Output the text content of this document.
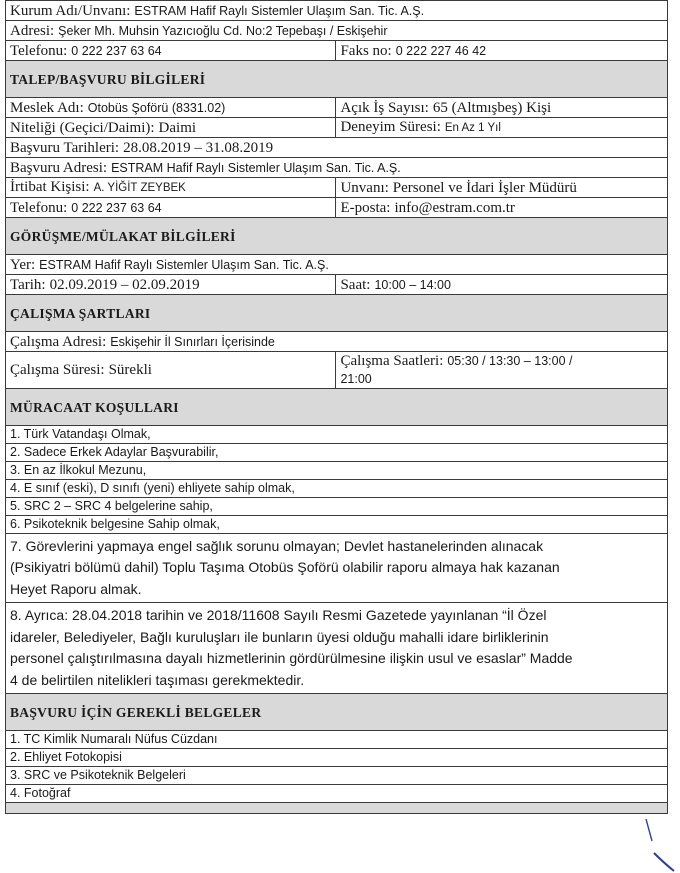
Kurum Adı/Unvanı: ESTRAM Hafif Raylı Sistemler Ulaşım San. Tic. A.Ş.	
Adresi: Şeker Mh. Muhsin Yazıcıoğlu Cd. No:2 Tepebaşı / Eskişehir	
Telefonu: 0 222 237 63 64	Faks no: 0 222 227 46 42
TALEP/BAŞVURU BİLGİLERİ	
Meslek Adı: Otobüs Şoförü (8331.02)	Açık İş Sayısı: 65 (Altmışbeş) Kişi
Niteliği (Geçici/Daimi): Daimi	Deneyim Süresi: En Az 1 Yıl
Başvuru Tarihleri: 28.08.2019 – 31.08.2019	
Başvuru Adresi: ESTRAM Hafif Raylı Sistemler Ulaşım San. Tic. A.Ş.	
İrtibat Kişisi: A. YİĞİT ZEYBEK	Unvanı: Personel ve İdari İşler Müdürü
Telefonu: 0 222 237 63 64	E-posta: info@estram.com.tr
GÖRÜŞME/MÜLAKAT BİLGİLERİ	
Yer: ESTRAM Hafif Raylı Sistemler Ulaşım San. Tic. A.Ş.	
Tarih: 02.09.2019 – 02.09.2019	Saat: 10:00 – 14:00
ÇALIŞMA ŞARTLARI	
Çalışma Adresi: Eskişehir İl Sınırları İçerisinde	
Çalışma Süresi: Sürekli	Çalışma Saatleri: 05:30 / 13:30 – 13:00 /
21:00
MÜRACAAT KOŞULLARI	
1. Türk Vatandaşı Olmak,	
2. Sadece Erkek Adaylar Başvurabilir,	
3. En az İlkokul Mezunu,	
4. E sınıf (eski), D sınıfı (yeni) ehliyete sahip olmak,	
5. SRC 2 – SRC 4 belgelerine sahip,	
6. Psikoteknik belgesine Sahip olmak,	
7. Görevlerini yapmaya engel sağlık sorunu olmayan; Devlet hastanelerinden alınacak
(Psikiyatri bölümü dahil) Toplu Taşıma Otobüs Şoförü olabilir raporu almaya hak kazanan
Heyet Raporu almak.	
8. Ayrıca: 28.04.2018 tarihin ve 2018/11608 Sayılı Resmi Gazetede yayınlanan “İl Özel
idareler, Belediyeler, Bağlı kuruluşları ile bunların üyesi olduğu mahalli idare birliklerinin
personel çalıştırılmasına dayalı hizmetlerinin gördürülmesine ilişkin usul ve esaslar” Madde
4 de belirtilen nitelikleri taşıması gerekmektedir.	
BAŞVURU İÇİN GEREKLİ BELGELER	
1. TC Kimlik Numaralı Nüfus Cüzdanı	
2. Ehliyet Fotokopisi	
3. SRC ve Psikoteknik Belgeleri	
4. Fotoğraf	
